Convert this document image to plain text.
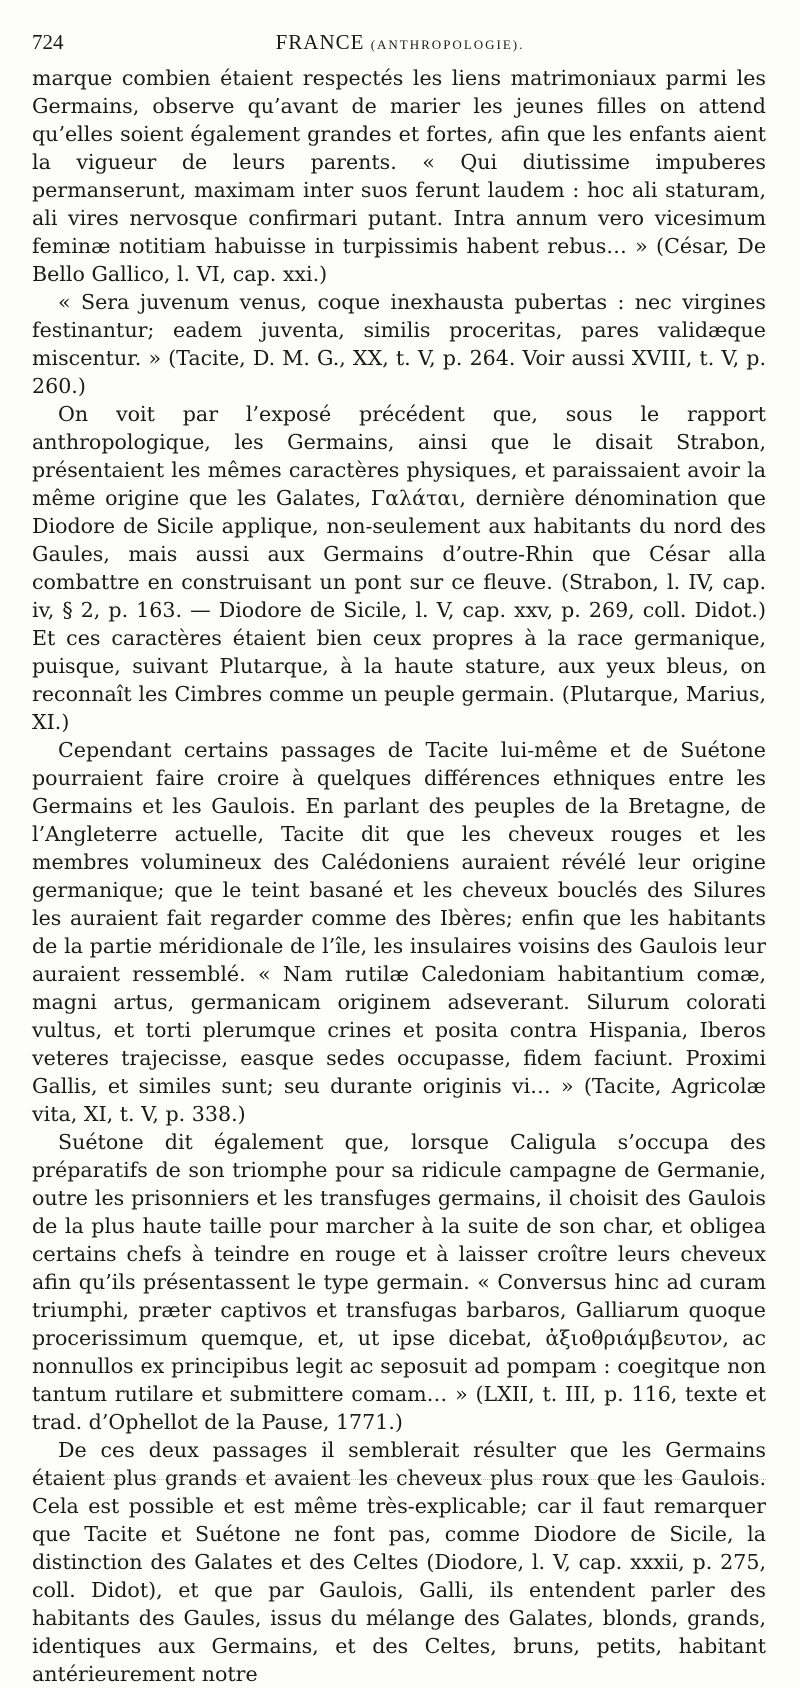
724	FRANCE (ANTHROPOLOGIE).

marque combien étaient respectés les liens matrimoniaux parmi les Germains, observe qu’avant de marier les jeunes filles on attend qu’elles soient également grandes et fortes, afin que les enfants aient la vigueur de leurs parents. « Qui diutissime impuberes permanserunt, maximam inter suos ferunt laudem : hoc ali staturam, ali vires nervosque confirmari putant. Intra annum vero vicesimum feminæ notitiam habuisse in turpissimis habent rebus… » (César, De Bello Gallico, l. VI, cap. xxi.)

« Sera juvenum venus, coque inexhausta pubertas : nec virgines festinantur; eadem juventa, similis proceritas, pares validæque miscentur. » (Tacite, D. M. G., XX, t. V, p. 264. Voir aussi XVIII, t. V, p. 260.)

On voit par l’exposé précédent que, sous le rapport anthropologique, les Germains, ainsi que le disait Strabon, présentaient les mêmes caractères physiques, et paraissaient avoir la même origine que les Galates, Γαλάται, dernière dénomination que Diodore de Sicile applique, non-seulement aux habitants du nord des Gaules, mais aussi aux Germains d’outre-Rhin que César alla combattre en construisant un pont sur ce fleuve. (Strabon, l. IV, cap. iv, § 2, p. 163. — Diodore de Sicile, l. V, cap. xxv, p. 269, coll. Didot.) Et ces caractères étaient bien ceux propres à la race germanique, puisque, suivant Plutarque, à la haute stature, aux yeux bleus, on reconnaît les Cimbres comme un peuple germain. (Plutarque, Marius, XI.)

Cependant certains passages de Tacite lui-même et de Suétone pourraient faire croire à quelques différences ethniques entre les Germains et les Gaulois. En parlant des peuples de la Bretagne, de l’Angleterre actuelle, Tacite dit que les cheveux rouges et les membres volumineux des Calédoniens auraient révélé leur origine germanique; que le teint basané et les cheveux bouclés des Silures les auraient fait regarder comme des Ibères; enfin que les habitants de la partie méridionale de l’île, les insulaires voisins des Gaulois leur auraient ressemblé. « Nam rutilæ Caledoniam habitantium comæ, magni artus, germanicam originem adseverant. Silurum colorati vultus, et torti plerumque crines et posita contra Hispania, Iberos veteres trajecisse, easque sedes occupasse, fidem faciunt. Proximi Gallis, et similes sunt; seu durante originis vi… » (Tacite, Agricolæ vita, XI, t. V, p. 338.)

Suétone dit également que, lorsque Caligula s’occupa des préparatifs de son triomphe pour sa ridicule campagne de Germanie, outre les prisonniers et les transfuges germains, il choisit des Gaulois de la plus haute taille pour marcher à la suite de son char, et obligea certains chefs à teindre en rouge et à laisser croître leurs cheveux afin qu’ils présentassent le type germain. « Conversus hinc ad curam triumphi, præter captivos et transfugas barbaros, Galliarum quoque procerissimum quemque, et, ut ipse dicebat, ἀξιοθριάμβευτον, ac nonnullos ex principibus legit ac seposuit ad pompam : coegitque non tantum rutilare et submittere comam… » (LXII, t. III, p. 116, texte et trad. d’Ophellot de la Pause, 1771.)

De ces deux passages il semblerait résulter que les Germains étaient plus grands et avaient les cheveux plus roux que les Gaulois. Cela est possible et est même très-explicable; car il faut remarquer que Tacite et Suétone ne font pas, comme Diodore de Sicile, la distinction des Galates et des Celtes (Diodore, l. V, cap. xxxii, p. 275, coll. Didot), et que par Gaulois, Galli, ils entendent parler des habitants des Gaules, issus du mélange des Galates, blonds, grands, identiques aux Germains, et des Celtes, bruns, petits, habitant antérieurement notre
